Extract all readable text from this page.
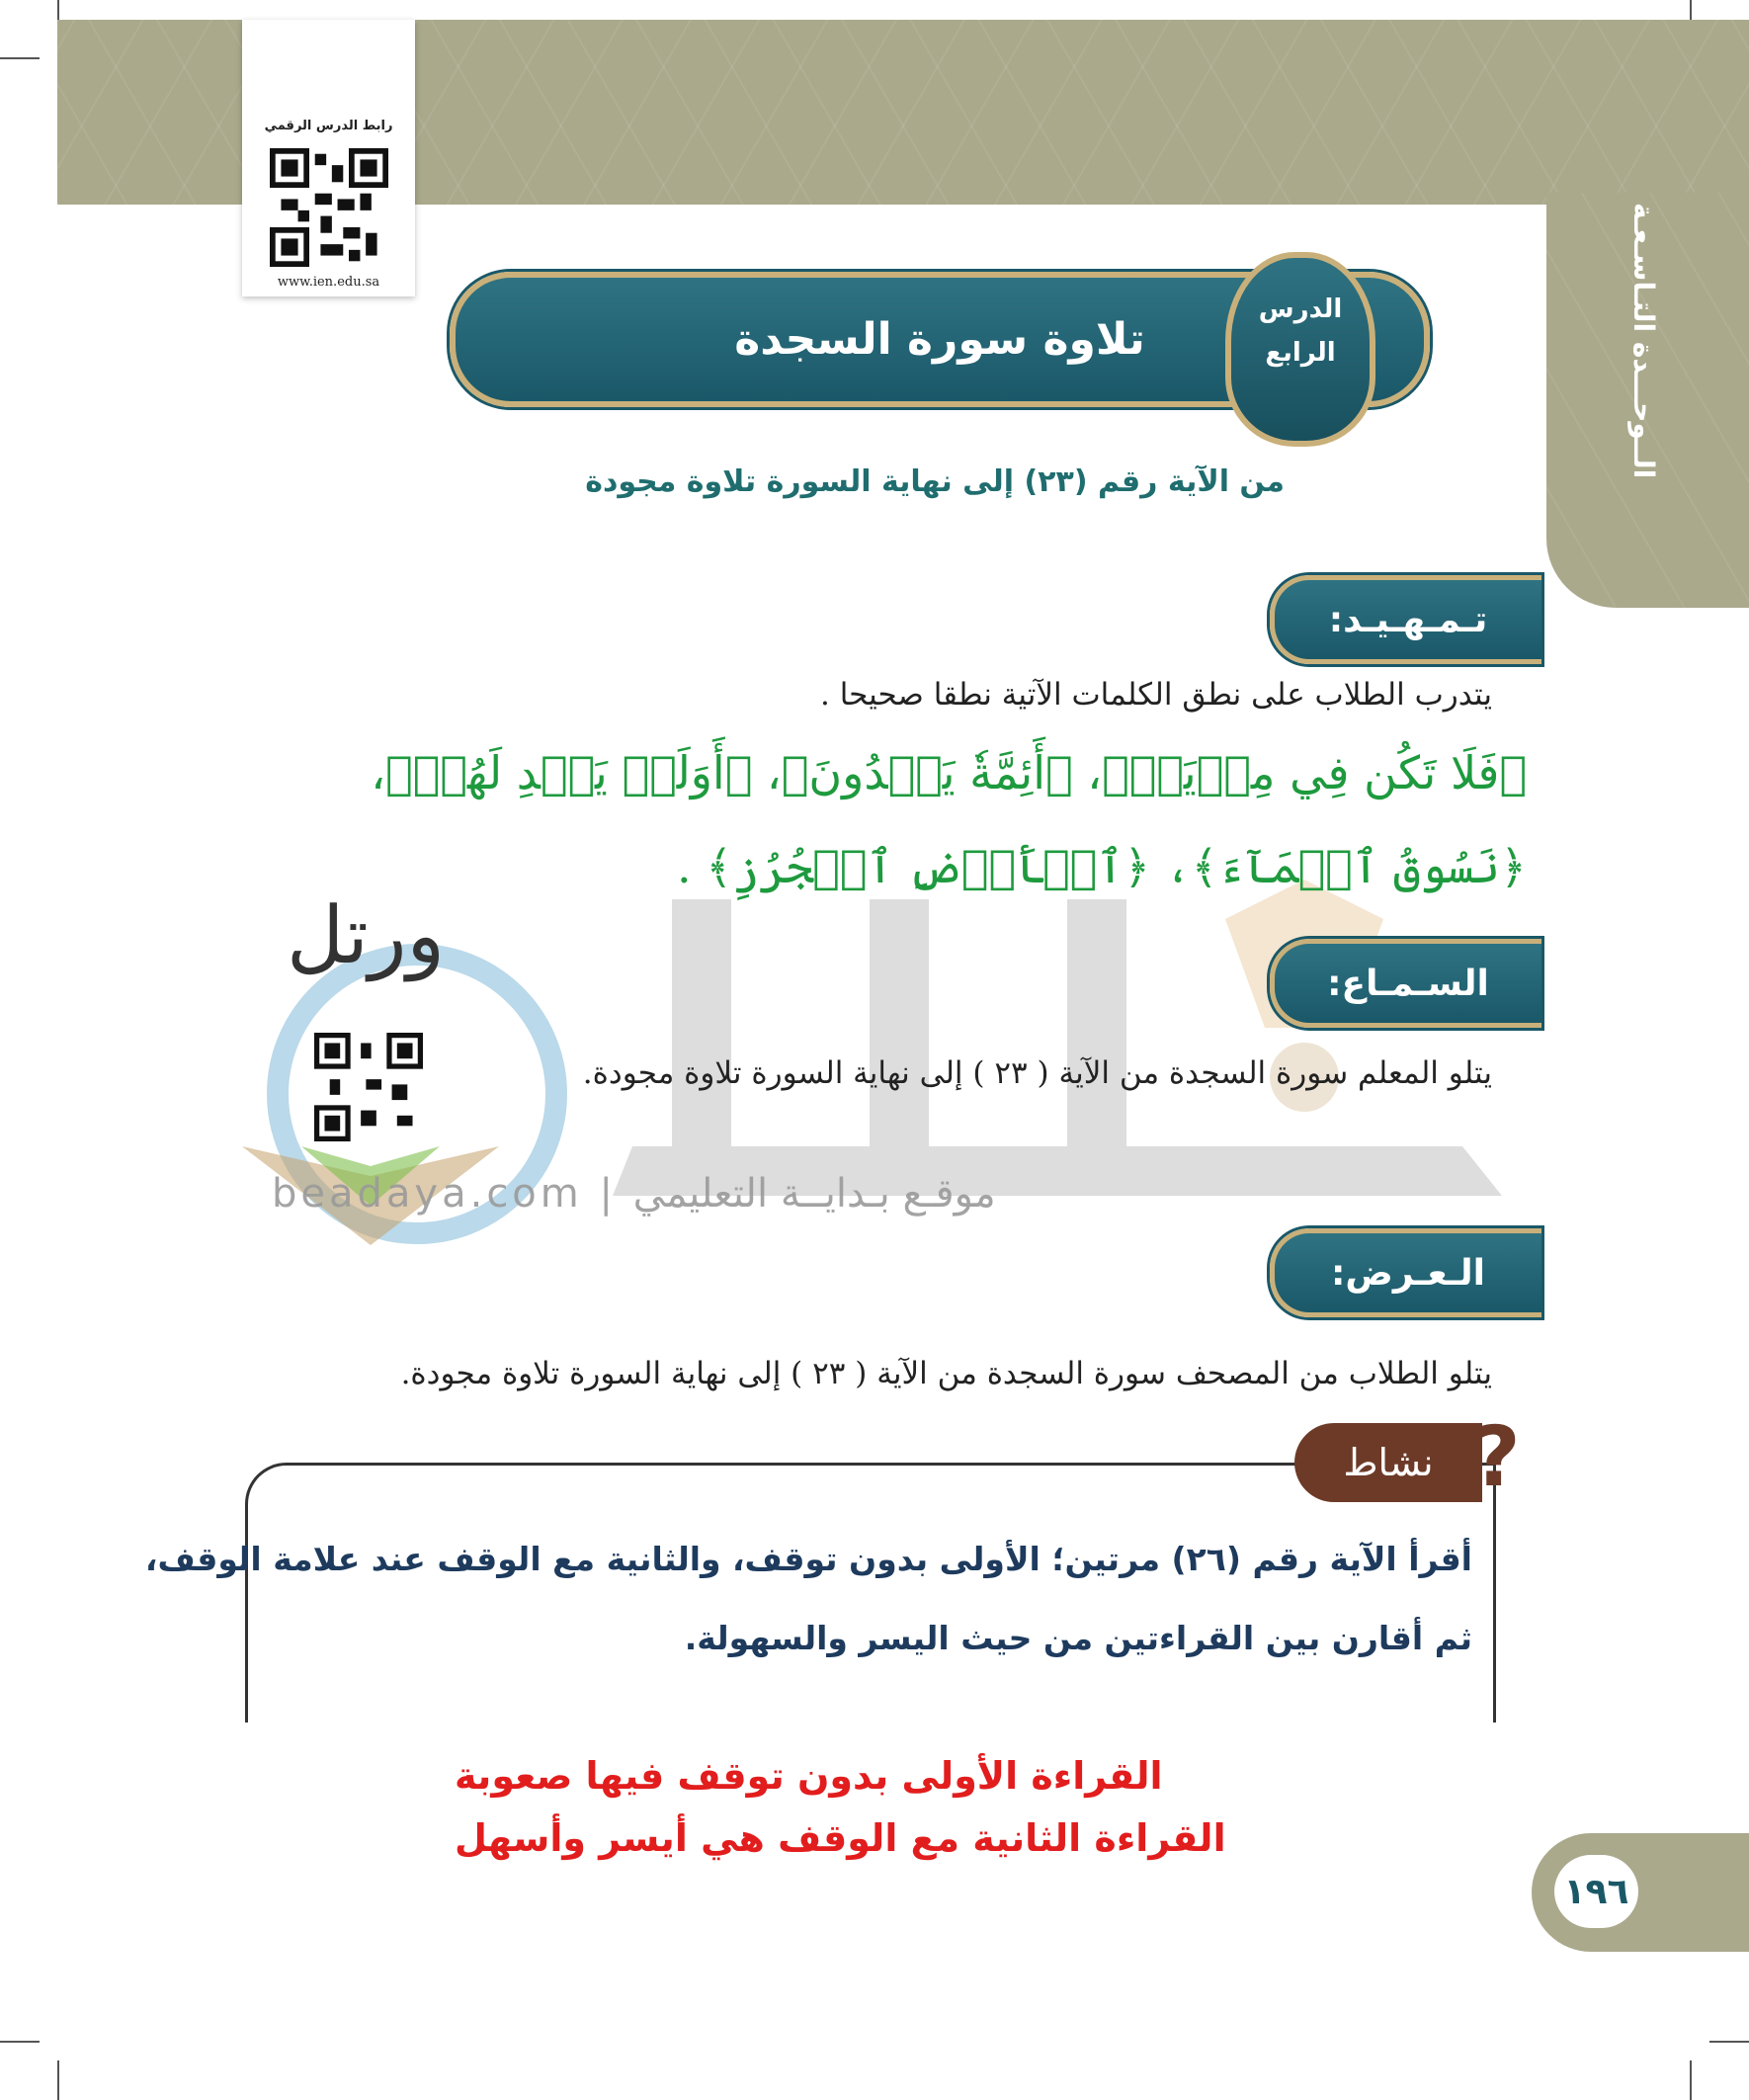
الــوحـــدة التـاسـعـة
رابط الدرس الرقمي
www.ien.edu.sa
تلاوة سورة السجدة
الدرس
الرابع
من الآية رقم (٢٣) إلى نهاية السورة تلاوة مجودة
ورتل
beadaya.com | موقـع بـدايــة التعليمي
تـمـهـيـد:
يتدرب الطلاب على نطق الكلمات الآتية نطقا صحيحا .
﴿فَلَا تَكُن فِي مِرۡيَةٖ﴾، ﴿أَئِمَّةٗ يَهۡدُونَ﴾، ﴿أَوَلَمۡ يَهۡدِ لَهُمۡ﴾،
﴿نَسُوقُ ٱلۡمَآءَ﴾، ﴿ٱلۡأَرۡضِ ٱلۡجُرُزِ﴾ .
السـمـاع:
يتلو المعلم سورة السجدة من الآية ( ٢٣ ) إلى نهاية السورة تلاوة مجودة.
الـعـرض:
يتلو الطلاب من المصحف سورة السجدة من الآية ( ٢٣ ) إلى نهاية السورة تلاوة مجودة.
نشاط ?
أقرأ الآية رقم (٢٦) مرتين؛ الأولى بدون توقف، والثانية مع الوقف عند علامة الوقف،
ثم أقارن بين القراءتين من حيث اليسر والسهولة.
القراءة الأولى بدون توقف فيها صعوبة
القراءة الثانية مع الوقف هي أيسر وأسهل
١٩٦
